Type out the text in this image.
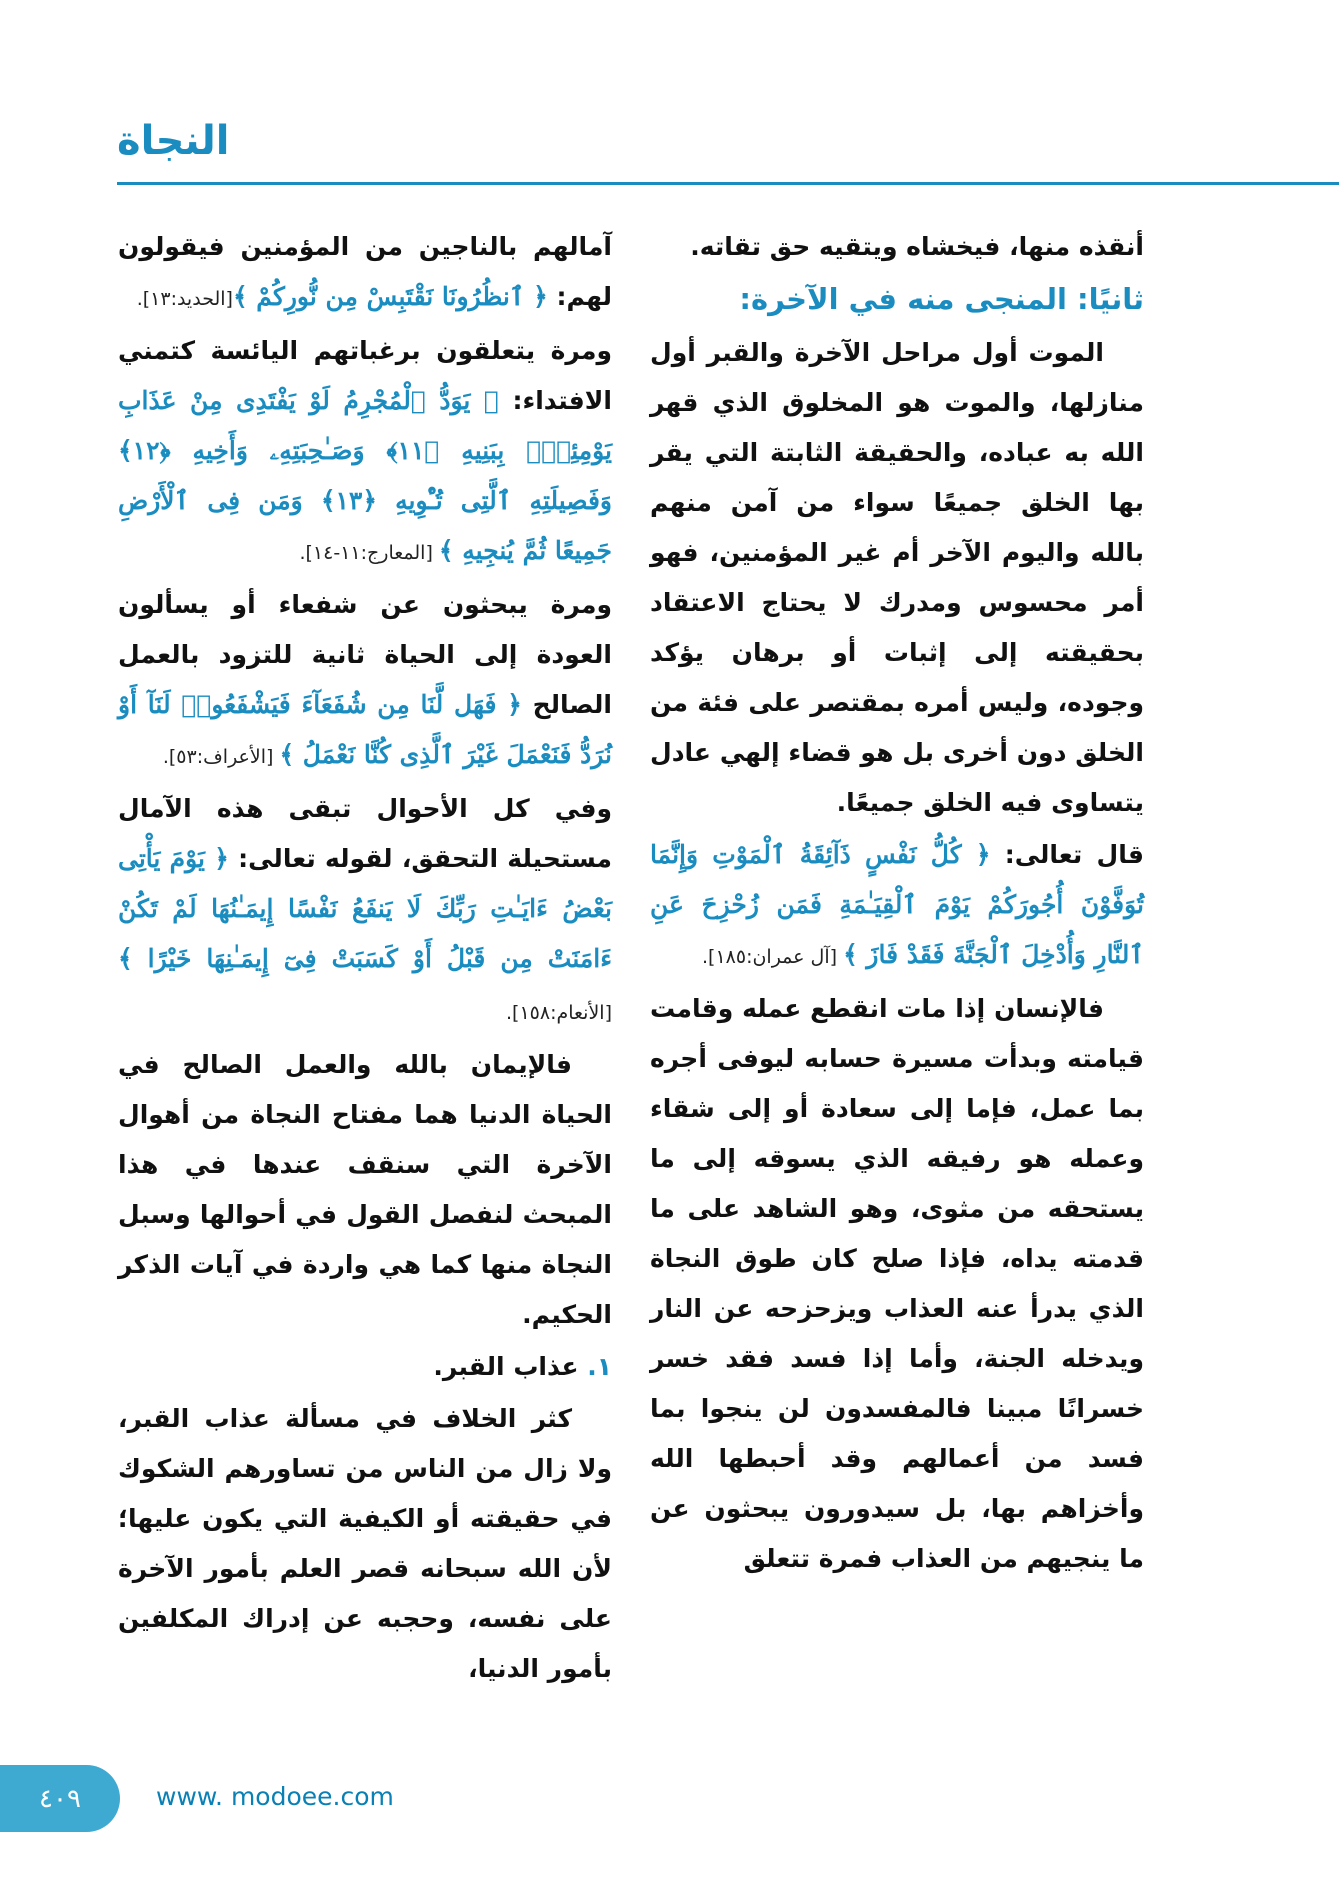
النجاة

أنقذه منها، فيخشاه ويتقيه حق تقاته.

ثانيًا: المنجى منه في الآخرة:

الموت أول مراحل الآخرة والقبر أول منازلها، والموت هو المخلوق الذي قهر الله به عباده، والحقيقة الثابتة التي يقر بها الخلق جميعًا سواء من آمن منهم بالله واليوم الآخر أم غير المؤمنين، فهو أمر محسوس ومدرك لا يحتاج الاعتقاد بحقيقته إلى إثبات أو برهان يؤكد وجوده، وليس أمره بمقتصر على فئة من الخلق دون أخرى بل هو قضاء إلهي عادل يتساوى فيه الخلق جميعًا.

قال تعالى: ﴿ كُلُّ نَفْسٍ ذَآئِقَةُ ٱلْمَوْتِ وَإِنَّمَا تُوَفَّوْنَ أُجُورَكُمْ يَوْمَ ٱلْقِيَـٰمَةِ فَمَن زُحْزِحَ عَنِ ٱلنَّارِ وَأُدْخِلَ ٱلْجَنَّةَ فَقَدْ فَازَ ﴾ [آل عمران:١٨٥].

فالإنسان إذا مات انقطع عمله وقامت قيامته وبدأت مسيرة حسابه ليوفى أجره بما عمل، فإما إلى سعادة أو إلى شقاء وعمله هو رفيقه الذي يسوقه إلى ما يستحقه من مثوى، وهو الشاهد على ما قدمته يداه، فإذا صلح كان طوق النجاة الذي يدرأ عنه العذاب ويزحزحه عن النار ويدخله الجنة، وأما إذا فسد فقد خسر خسرانًا مبينا فالمفسدون لن ينجوا بما فسد من أعمالهم وقد أحبطها الله وأخزاهم بها، بل سيدورون يبحثون عن ما ينجيهم من العذاب فمرة تتعلق

آمالهم بالناجين من المؤمنين فيقولون لهم: ﴿ ٱنظُرُونَا نَقْتَبِسْ مِن نُّورِكُمْ ﴾[الحديد:١٣].

ومرة يتعلقون برغباتهم اليائسة كتمني الافتداء: ﴿ يَوَدُّ ٱلْمُجْرِمُ لَوْ يَفْتَدِى مِنْ عَذَابِ يَوْمِئِذٍۭ بِبَنِيهِ ﴿١١﴾ وَصَـٰحِبَتِهِۦ وَأَخِيهِ ﴿١٢﴾ وَفَصِيلَتِهِ ٱلَّتِى تُـْٔوِيهِ ﴿١٣﴾ وَمَن فِى ٱلْأَرْضِ جَمِيعًا ثُمَّ يُنجِيهِ ﴾ [المعارج:١١-١٤].

ومرة يبحثون عن شفعاء أو يسألون العودة إلى الحياة ثانية للتزود بالعمل الصالح ﴿ فَهَل لَّنَا مِن شُفَعَآءَ فَيَشْفَعُوا۟ لَنَآ أَوْ نُرَدُّ فَنَعْمَلَ غَيْرَ ٱلَّذِى كُنَّا نَعْمَلُ ﴾ [الأعراف:٥٣].

وفي كل الأحوال تبقى هذه الآمال مستحيلة التحقق، لقوله تعالى: ﴿ يَوْمَ يَأْتِى بَعْضُ ءَايَـٰتِ رَبِّكَ لَا يَنفَعُ نَفْسًا إِيمَـٰنُهَا لَمْ تَكُنْ ءَامَنَتْ مِن قَبْلُ أَوْ كَسَبَتْ فِىٓ إِيمَـٰنِهَا خَيْرًا ﴾ [الأنعام:١٥٨].

فالإيمان بالله والعمل الصالح في الحياة الدنيا هما مفتاح النجاة من أهوال الآخرة التي سنقف عندها في هذا المبحث لنفصل القول في أحوالها وسبل النجاة منها كما هي واردة في آيات الذكر الحكيم.

١. عذاب القبر.

كثر الخلاف في مسألة عذاب القبر، ولا زال من الناس من تساورهم الشكوك في حقيقته أو الكيفية التي يكون عليها؛ لأن الله سبحانه قصر العلم بأمور الآخرة على نفسه، وحجبه عن إدراك المكلفين بأمور الدنيا،

٤٠٩	www. modoee.com
